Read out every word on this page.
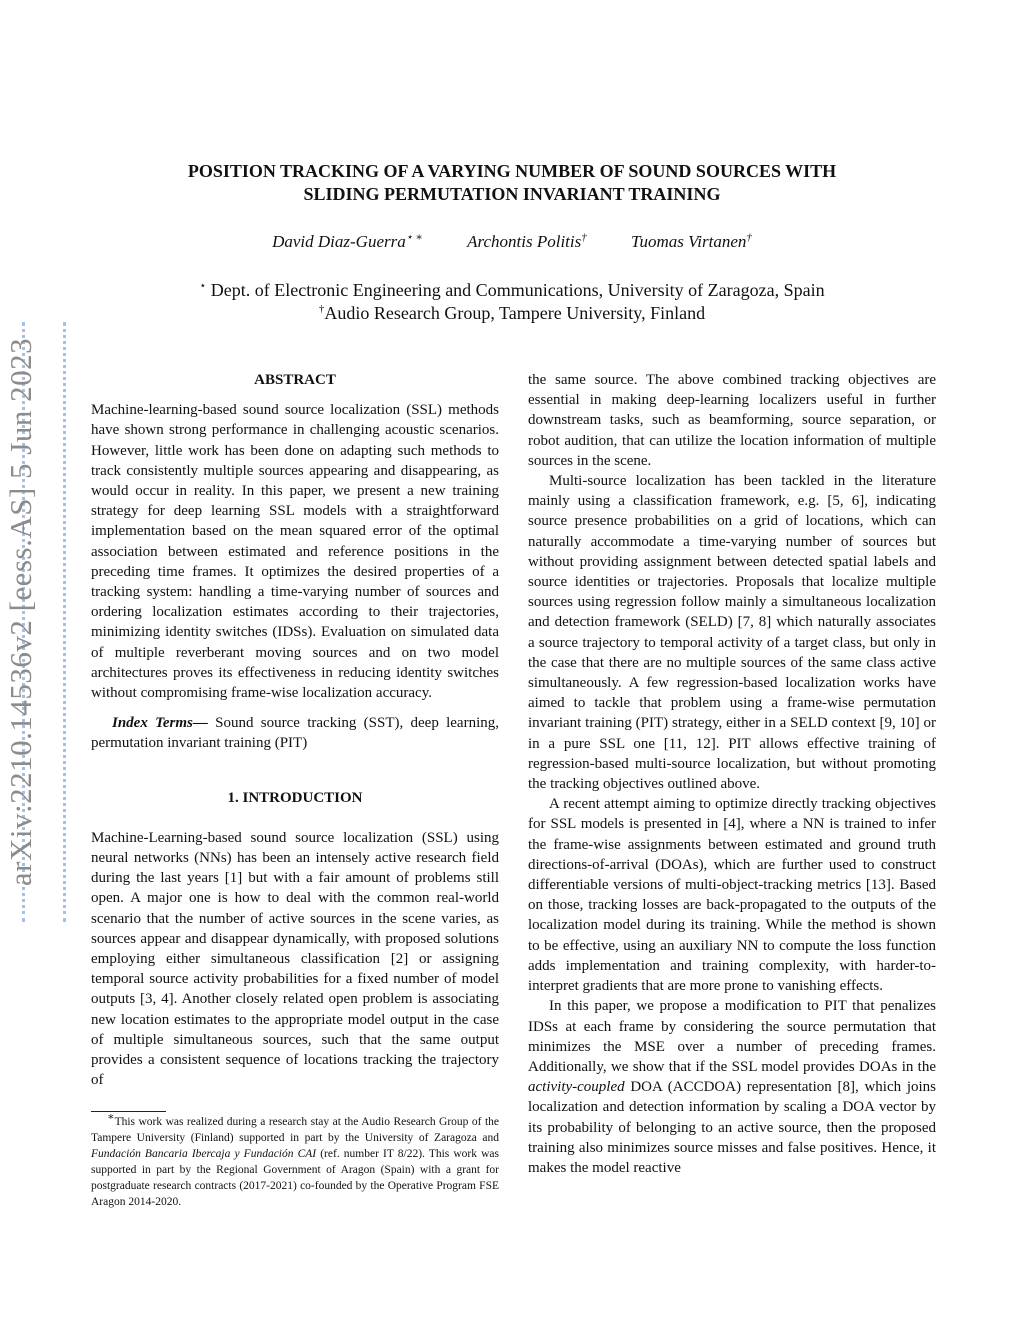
arXiv:2210.14536v2 [eess.AS] 5 Jun 2023
POSITION TRACKING OF A VARYING NUMBER OF SOUND SOURCES WITH
SLIDING PERMUTATION INVARIANT TRAINING
David Diaz-Guerra⋆ ∗	Archontis Politis†	Tuomas Virtanen†
⋆ Dept. of Electronic Engineering and Communications, University of Zaragoza, Spain
†Audio Research Group, Tampere University, Finland
ABSTRACT

Machine-learning-based sound source localization (SSL) methods have shown strong performance in challenging acoustic scenarios. However, little work has been done on adapting such methods to track consistently multiple sources appearing and disappearing, as would occur in reality. In this paper, we present a new training strategy for deep learning SSL models with a straightforward implementation based on the mean squared error of the optimal association between estimated and reference positions in the preceding time frames. It optimizes the desired properties of a tracking system: handling a time-varying number of sources and ordering localization estimates according to their trajectories, minimizing identity switches (IDSs). Evaluation on simulated data of multiple reverberant moving sources and on two model architectures proves its effectiveness in reducing identity switches without compromising frame-wise localization accuracy.

Index Terms— Sound source tracking (SST), deep learning, permutation invariant training (PIT)

1. INTRODUCTION

Machine-Learning-based sound source localization (SSL) using neural networks (NNs) has been an intensely active research field during the last years [1] but with a fair amount of problems still open. A major one is how to deal with the common real-world scenario that the number of active sources in the scene varies, as sources appear and disappear dynamically, with proposed solutions employing either simultaneous classification [2] or assigning temporal source activity probabilities for a fixed number of model outputs [3, 4]. Another closely related open problem is associating new location estimates to the appropriate model output in the case of multiple simultaneous sources, such that the same output provides a consistent sequence of locations tracking the trajectory of

the same source. The above combined tracking objectives are essential in making deep-learning localizers useful in further downstream tasks, such as beamforming, source separation, or robot audition, that can utilize the location information of multiple sources in the scene.

Multi-source localization has been tackled in the literature mainly using a classification framework, e.g. [5, 6], indicating source presence probabilities on a grid of locations, which can naturally accommodate a time-varying number of sources but without providing assignment between detected spatial labels and source identities or trajectories. Proposals that localize multiple sources using regression follow mainly a simultaneous localization and detection framework (SELD) [7, 8] which naturally associates a source trajectory to temporal activity of a target class, but only in the case that there are no multiple sources of the same class active simultaneously. A few regression-based localization works have aimed to tackle that problem using a frame-wise permutation invariant training (PIT) strategy, either in a SELD context [9, 10] or in a pure SSL one [11, 12]. PIT allows effective training of regression-based multi-source localization, but without promoting the tracking objectives outlined above.

A recent attempt aiming to optimize directly tracking objectives for SSL models is presented in [4], where a NN is trained to infer the frame-wise assignments between estimated and ground truth directions-of-arrival (DOAs), which are further used to construct differentiable versions of multi-object-tracking metrics [13]. Based on those, tracking losses are back-propagated to the outputs of the localization model during its training. While the method is shown to be effective, using an auxiliary NN to compute the loss function adds implementation and training complexity, with harder-to-interpret gradients that are more prone to vanishing effects.

In this paper, we propose a modification to PIT that penalizes IDSs at each frame by considering the source permutation that minimizes the MSE over a number of preceding frames. Additionally, we show that if the SSL model provides DOAs in the activity-coupled DOA (ACCDOA) representation [8], which joins localization and detection information by scaling a DOA vector by its probability of belonging to an active source, then the proposed training also minimizes source misses and false positives. Hence, it makes the model reactive

∗This work was realized during a research stay at the Audio Research Group of the Tampere University (Finland) supported in part by the University of Zaragoza and Fundación Bancaria Ibercaja y Fundación CAI (ref. number IT 8/22). This work was supported in part by the Regional Government of Aragon (Spain) with a grant for postgraduate research contracts (2017-2021) co-founded by the Operative Program FSE Aragon 2014-2020.
